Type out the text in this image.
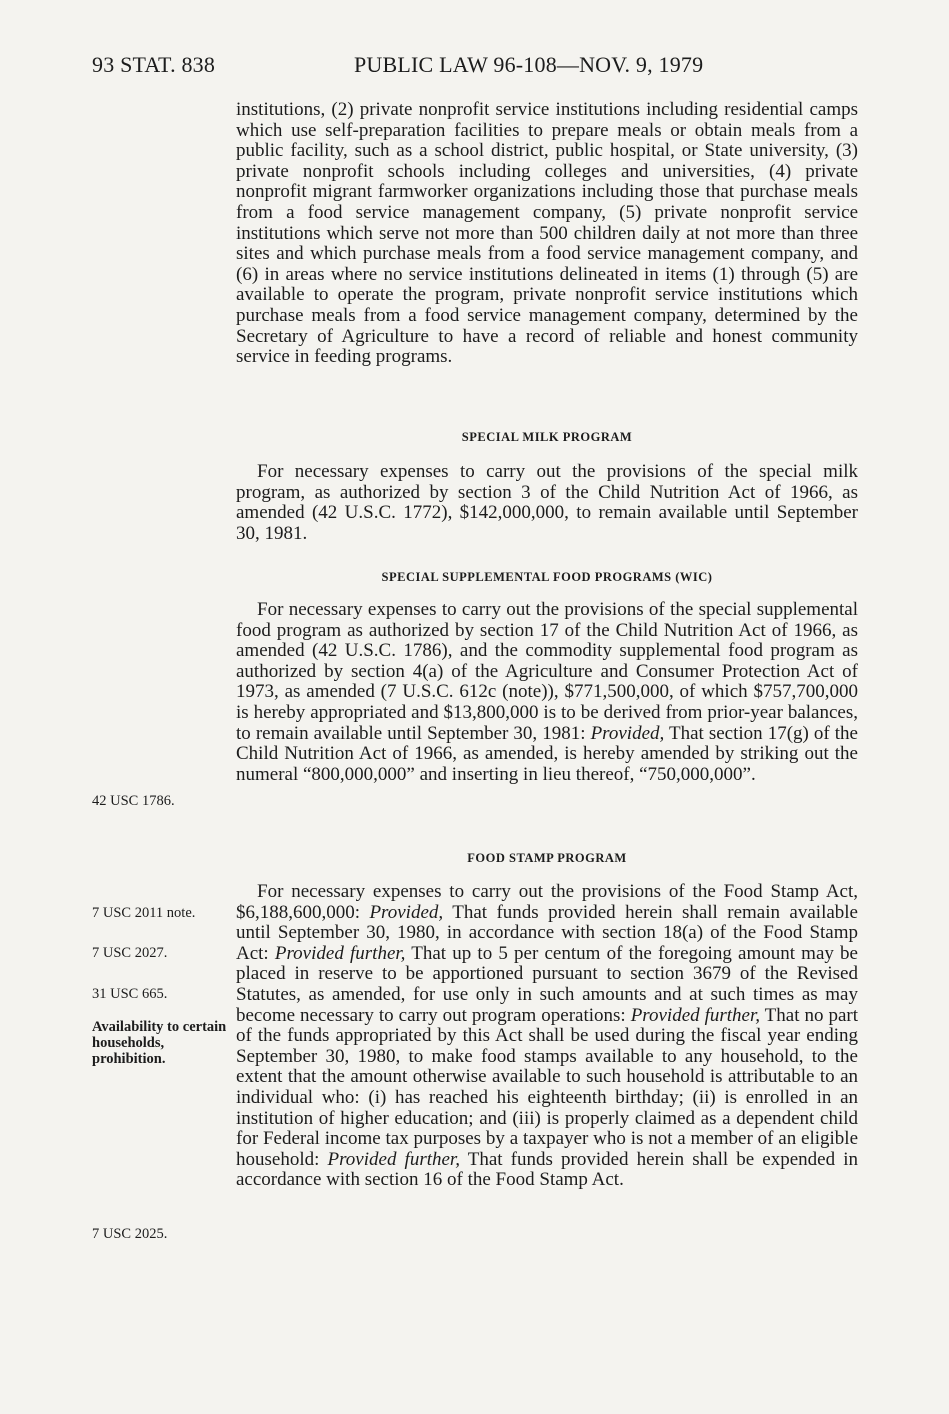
93 STAT. 838	PUBLIC LAW 96-108—NOV. 9, 1979

institutions, (2) private nonprofit service institutions including residential camps which use self-preparation facilities to prepare meals or obtain meals from a public facility, such as a school district, public hospital, or State university, (3) private nonprofit schools including colleges and universities, (4) private nonprofit migrant farmworker organizations including those that purchase meals from a food service management company, (5) private nonprofit service institutions which serve not more than 500 children daily at not more than three sites and which purchase meals from a food service management company, and (6) in areas where no service institutions delineated in items (1) through (5) are available to operate the program, private nonprofit service institutions which purchase meals from a food service management company, determined by the Secretary of Agriculture to have a record of reliable and honest community service in feeding programs.

SPECIAL MILK PROGRAM

For necessary expenses to carry out the provisions of the special milk program, as authorized by section 3 of the Child Nutrition Act of 1966, as amended (42 U.S.C. 1772), $142,000,000, to remain available until September 30, 1981.

SPECIAL SUPPLEMENTAL FOOD PROGRAMS (WIC)

For necessary expenses to carry out the provisions of the special supplemental food program as authorized by section 17 of the Child Nutrition Act of 1966, as amended (42 U.S.C. 1786), and the commodity supplemental food program as authorized by section 4(a) of the Agriculture and Consumer Protection Act of 1973, as amended (7 U.S.C. 612c (note)), $771,500,000, of which $757,700,000 is hereby appropriated and $13,800,000 is to be derived from prior-year balances, to remain available until September 30, 1981: Provided, That section 17(g) of the Child Nutrition Act of 1966, as amended, is hereby amended by striking out the numeral “800,000,000” and inserting in lieu thereof, “750,000,000”.

FOOD STAMP PROGRAM

For necessary expenses to carry out the provisions of the Food Stamp Act, $6,188,600,000: Provided, That funds provided herein shall remain available until September 30, 1980, in accordance with section 18(a) of the Food Stamp Act: Provided further, That up to 5 per centum of the foregoing amount may be placed in reserve to be apportioned pursuant to section 3679 of the Revised Statutes, as amended, for use only in such amounts and at such times as may become necessary to carry out program operations: Provided further, That no part of the funds appropriated by this Act shall be used during the fiscal year ending September 30, 1980, to make food stamps available to any household, to the extent that the amount otherwise available to such household is attributable to an individual who: (i) has reached his eighteenth birthday; (ii) is enrolled in an institution of higher education; and (iii) is properly claimed as a dependent child for Federal income tax purposes by a taxpayer who is not a member of an eligible household: Provided further, That funds provided herein shall be expended in accordance with section 16 of the Food Stamp Act.

42 USC 1786.
7 USC 2011 note.
7 USC 2027.
31 USC 665.
Availability to certain households, prohibition.
7 USC 2025.
